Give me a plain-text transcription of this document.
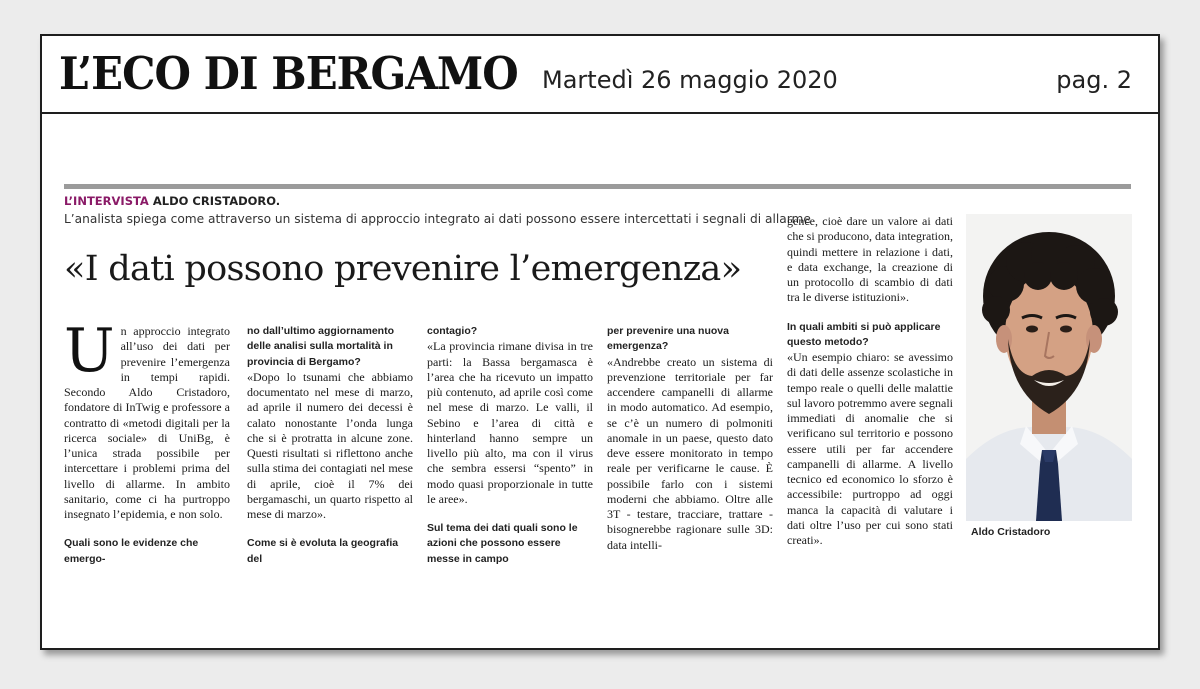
L’ECO DI BERGAMO Martedì 26 maggio 2020	pag. 2
L’INTERVISTA ALDO CRISTADORO.
L’analista spiega come attraverso un sistema di approccio integrato ai dati possono essere intercettati i segnali di allarme
«I dati possono prevenire l’emergenza»
U n approccio integrato all’uso dei dati per prevenire l’emergenza in tempi rapidi. Secondo Aldo Cristadoro, fondatore di InTwig e professore a contratto di «metodi digitali per la ricerca sociale» di UniBg, è l’unica strada possibile per intercettare i problemi prima del livello di allarme. In ambito sanitario, come ci ha purtroppo insegnato l’epidemia, e non solo.

Quali sono le evidenze che emergo-

no dall’ultimo aggiornamento delle analisi sulla mortalità in provincia di Bergamo?

«Dopo lo tsunami che abbiamo documentato nel mese di marzo, ad aprile il numero dei decessi è calato nonostante l’onda lunga che si è protratta in alcune zone. Questi risultati si riflettono anche sulla stima dei contagiati nel mese di aprile, cioè il 7% dei bergamaschi, un quarto rispetto al mese di marzo».

Come si è evoluta la geografia del

contagio?

«La provincia rimane divisa in tre parti: la Bassa bergamasca è l’area che ha ricevuto un impatto più contenuto, ad aprile così come nel mese di marzo. Le valli, il Sebino e l’area di città e hinterland hanno sempre un livello più alto, ma con il virus che sembra essersi “spento” in modo quasi proporzionale in tutte le aree».

Sul tema dei dati quali sono le azioni che possono essere messe in campo

per prevenire una nuova emergenza?

«Andrebbe creato un sistema di prevenzione territoriale per far accendere campanelli di allarme in modo automatico. Ad esempio, se c’è un numero di polmoniti anomale in un paese, questo dato deve essere monitorato in tempo reale per verificarne le cause. È possibile farlo con i sistemi moderni che abbiamo. Oltre alle 3T - testare, tracciare, trattare - bisognerebbe ragionare sulle 3D: data intelli-

gence, cioè dare un valore ai dati che si producono, data integration, quindi mettere in relazione i dati, e data exchange, la creazione di un protocollo di scambio di dati tra le diverse istituzioni».

In quali ambiti si può applicare questo metodo?

«Un esempio chiaro: se avessimo di dati delle assenze scolastiche in tempo reale o quelli delle malattie sul lavoro potremmo avere segnali immediati di anomalie che si verificano sul territorio e possono essere utili per far accendere campanelli di allarme. A livello tecnico ed economico lo sforzo è accessibile: purtroppo ad oggi manca la capacità di valutare i dati oltre l’uso per cui sono stati creati».

Aldo Cristadoro
